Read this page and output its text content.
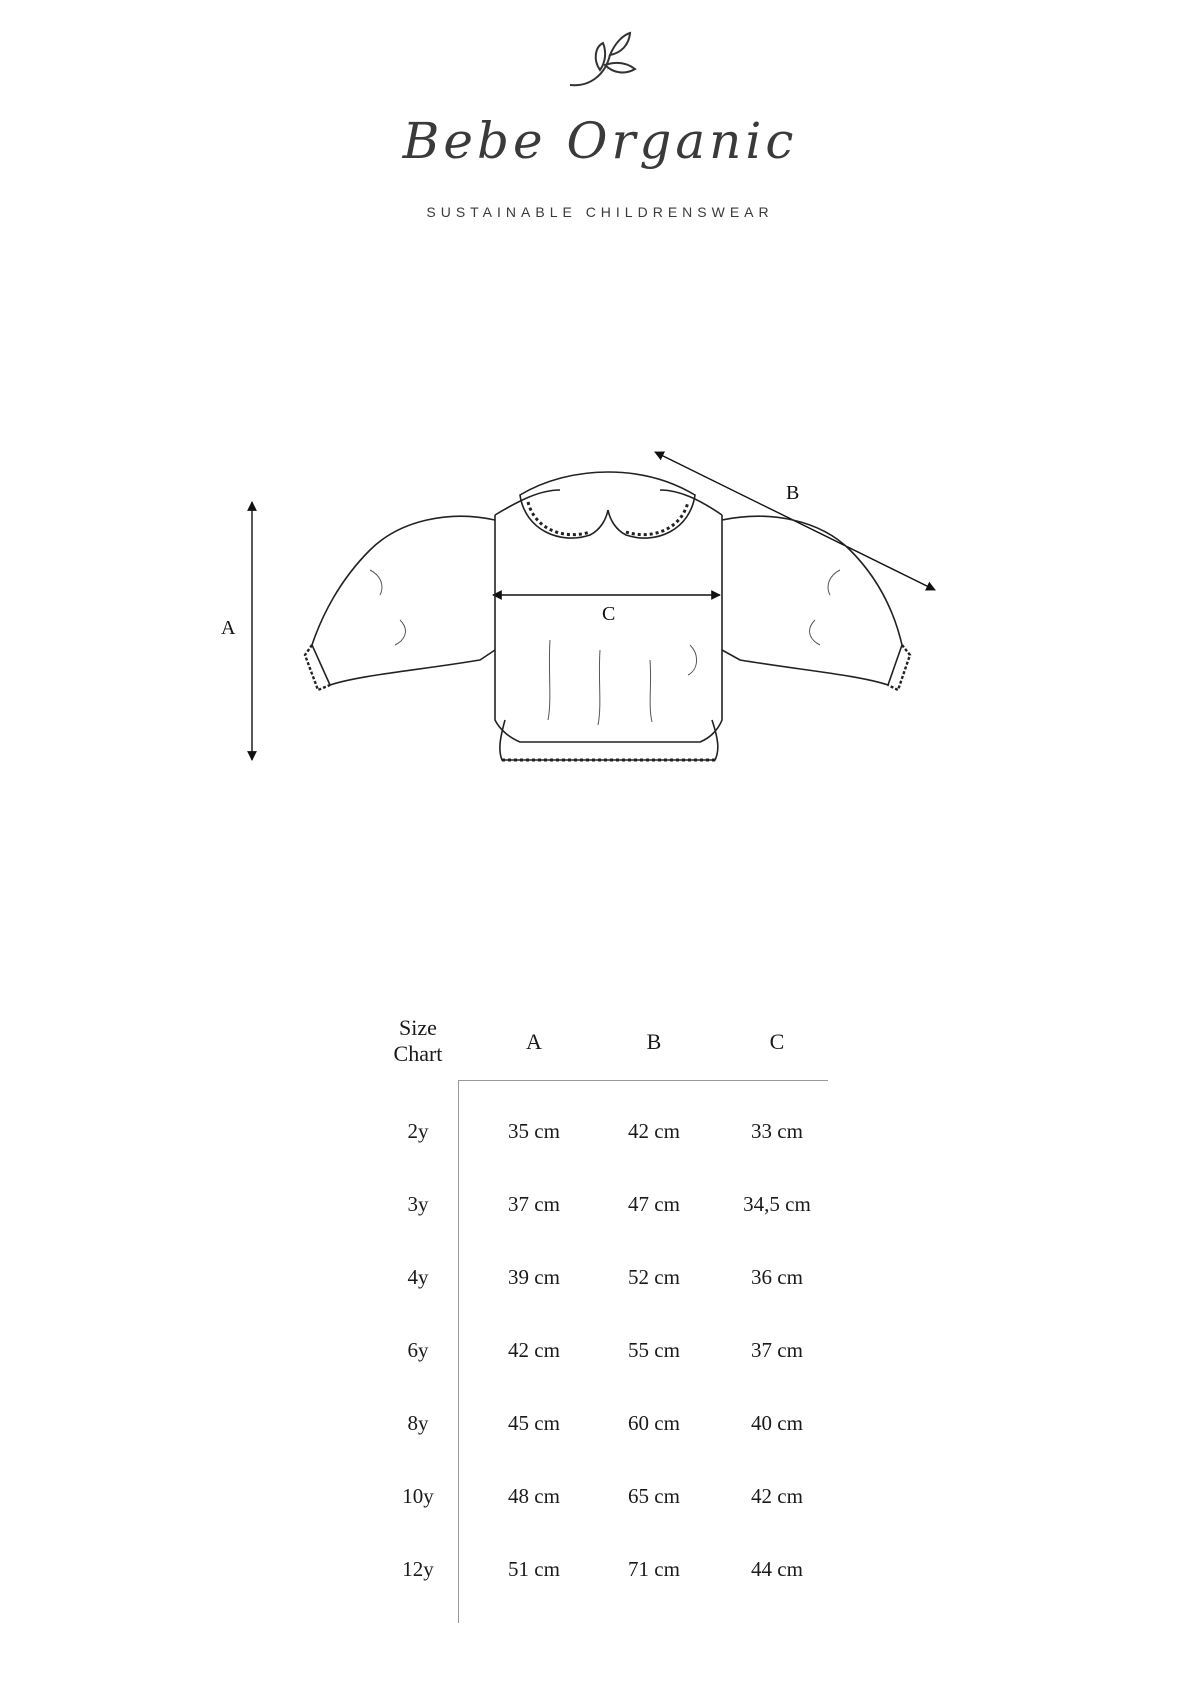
Bebe Organic
SUSTAINABLE CHILDRENSWEAR
A
B
C
Size
Chart	A	B	C
2y	35 cm	42 cm	33 cm
3y	37 cm	47 cm	34,5 cm
4y	39 cm	52 cm	36 cm
6y	42 cm	55 cm	37 cm
8y	45 cm	60 cm	40 cm
10y	48 cm	65 cm	42 cm
12y	51 cm	71 cm	44 cm
